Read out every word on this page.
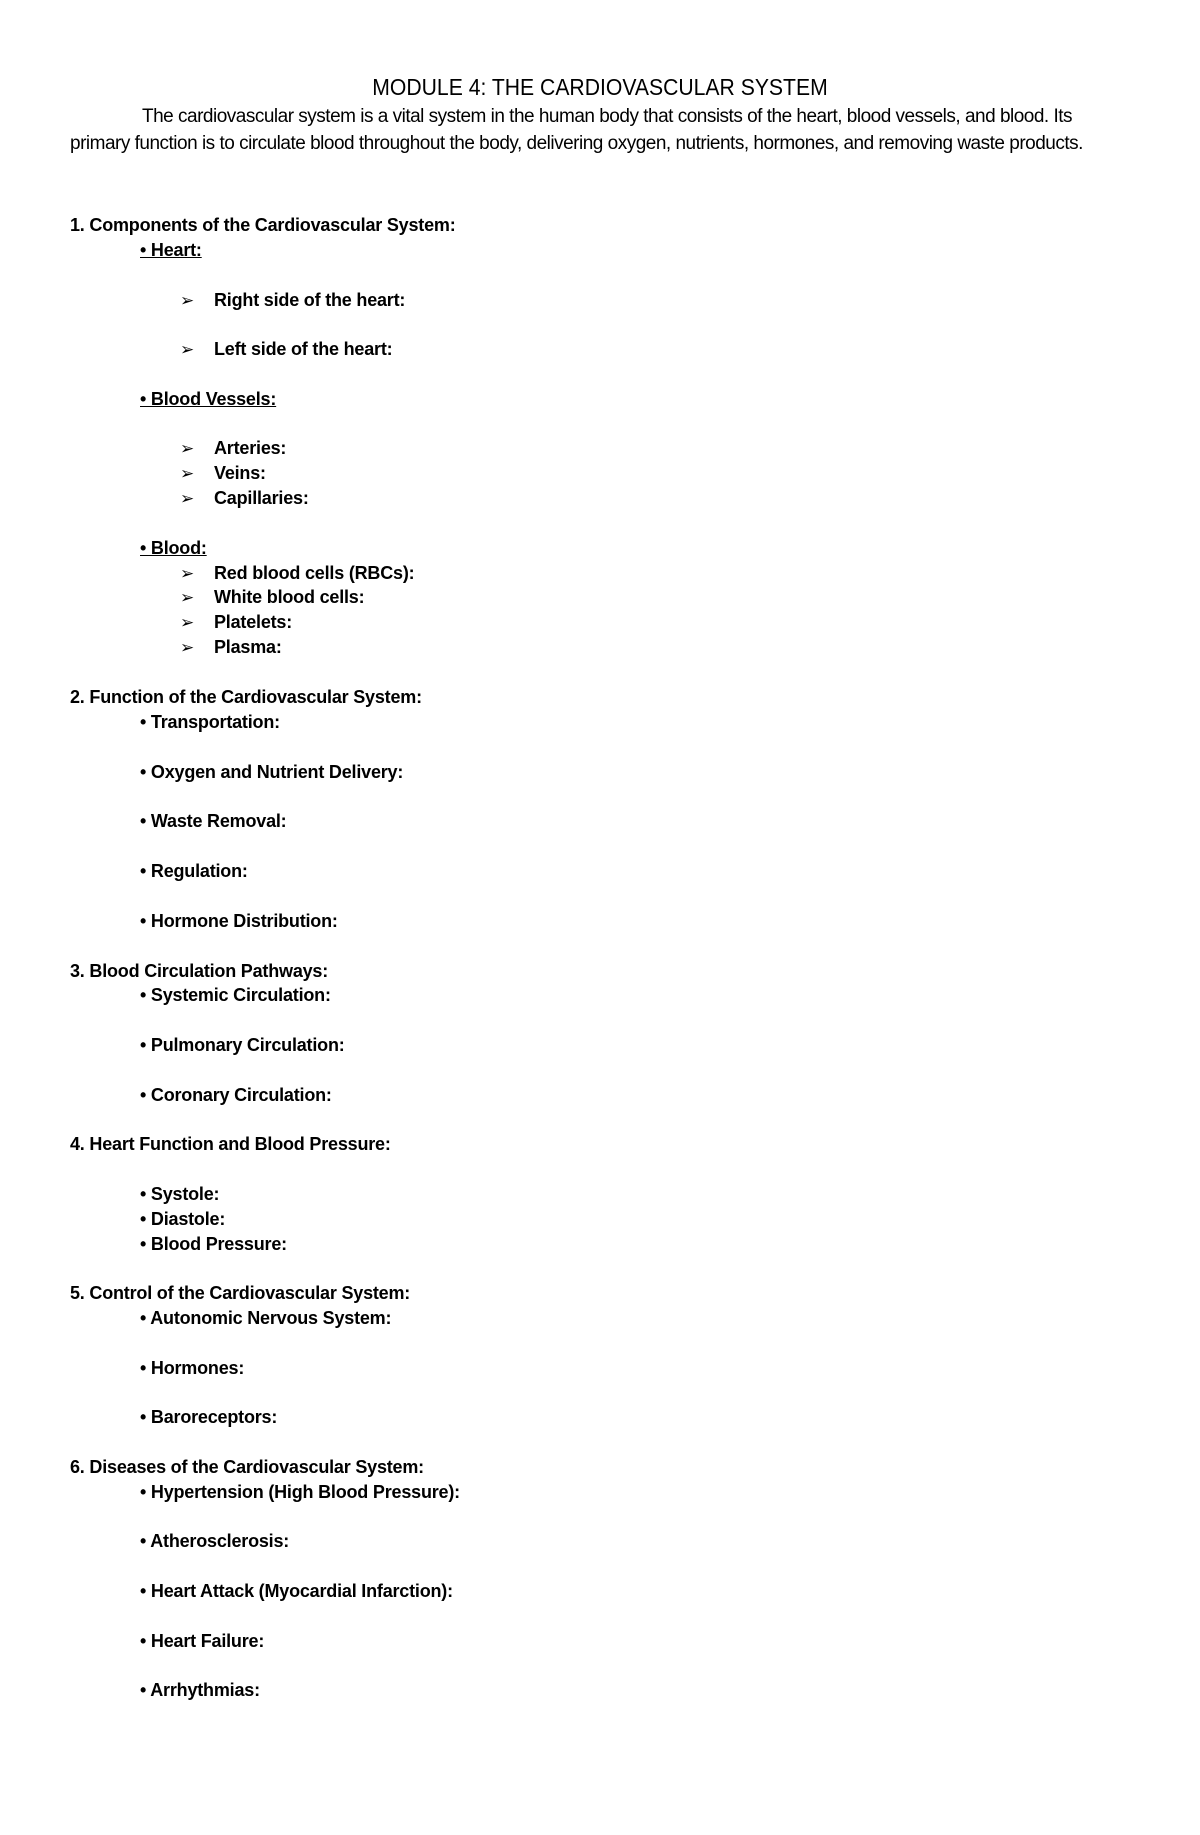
MODULE 4: THE CARDIOVASCULAR SYSTEM
The cardiovascular system is a vital system in the human body that consists of the heart, blood vessels, and blood. Its primary function is to circulate blood throughout the body, delivering oxygen, nutrients, hormones, and removing waste products.
1. Components of the Cardiovascular System:
• Heart:
➢ Right side of the heart:
➢ Left side of the heart:
• Blood Vessels:
➢ Arteries:
➢ Veins:
➢ Capillaries:
• Blood:
➢ Red blood cells (RBCs):
➢ White blood cells:
➢ Platelets:
➢ Plasma:
2. Function of the Cardiovascular System:
• Transportation:
• Oxygen and Nutrient Delivery:
• Waste Removal:
• Regulation:
• Hormone Distribution:
3. Blood Circulation Pathways:
• Systemic Circulation:
• Pulmonary Circulation:
• Coronary Circulation:
4. Heart Function and Blood Pressure:
• Systole:
• Diastole:
• Blood Pressure:
5. Control of the Cardiovascular System:
• Autonomic Nervous System:
• Hormones:
• Baroreceptors:
6. Diseases of the Cardiovascular System:
• Hypertension (High Blood Pressure):
• Atherosclerosis:
• Heart Attack (Myocardial Infarction):
• Heart Failure:
• Arrhythmias:
